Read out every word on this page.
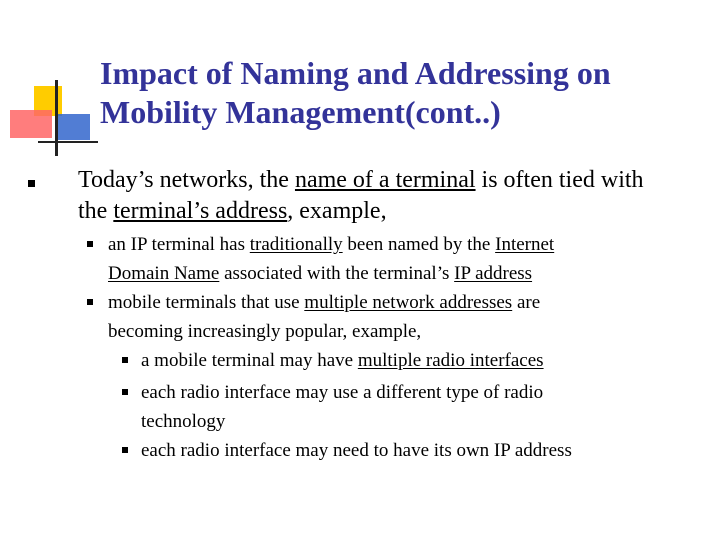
Impact of Naming and Addressing on
Mobility Management(cont..)
Today’s networks, the name of a terminal is often tied with
the terminal’s address, example,
an IP terminal has traditionally been named by the Internet
Domain Name associated with the terminal’s IP address
mobile terminals that use multiple network addresses are
becoming increasingly popular, example,
a mobile terminal may have multiple radio interfaces
each radio interface may use a different type of radio
technology
each radio interface may need to have its own IP address
